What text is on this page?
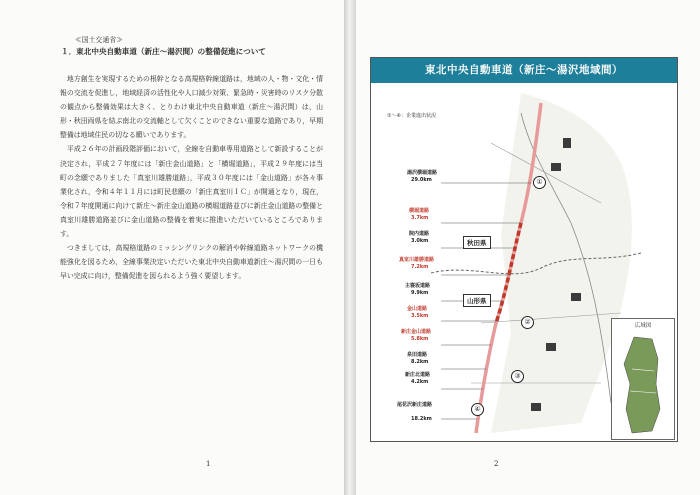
≪国土交通省≫
１．東北中央自動車道（新庄～湯沢間）の整備促進について

地方創生を実現するための根幹となる高規格幹線道路は，地域の人・物・文化・情報の交流を促進し，地域経済の活性化や人口減少対策、緊急時・災害時のリスク分散の観点から整備効果は大きく、とりわけ東北中央自動車道（新庄～湯沢間）は，山形・秋田両県を結ぶ南北の交流軸として欠くことのできない重要な道路であり，早期整備は地域住民の切なる願いであります。

平成２６年の計画段階評価において，全線を自動車専用道路として新設することが決定され，平成２７年度には「新庄金山道路」と「横堀道路」，平成２９年度には当町の念願でありました「真室川雄勝道路」，平成３０年度には「金山道路」が各々事業化され，令和４年１１月には町民悲願の「新庄真室川ＩＣ」が開通となり，現在，令和７年度開通に向けて新庄～新庄金山道路の横堀道路並びに新庄金山道路の整備と真室川雄勝道路並びに金山道路の整備を着実に推進いただいているところであります。

つきましては，高規格道路のミッシングリンクの解消や幹線道路ネットワークの機能強化を図るため，全線事業決定いただいた東北中央自動車道新庄～湯沢間の一日も早い完成に向け，整備促進を図られるよう強く要望します。

1
東北中央自動車道（新庄～湯沢地域間）
①～④：企業進出状況
湯沢横堀道路
29.0km
横堀道路
3.7km
院内道路
3.0km
真室川雄勝道路
7.2km
主寝坂道路
9.9km
金山道路
3.5km
新庄金山道路
5.8km
泉田道路
8.2km
新庄北道路
4.2km
尾花沢新庄道路
18.2km
秋田県
山形県
①
②
③
④
広域図
2
